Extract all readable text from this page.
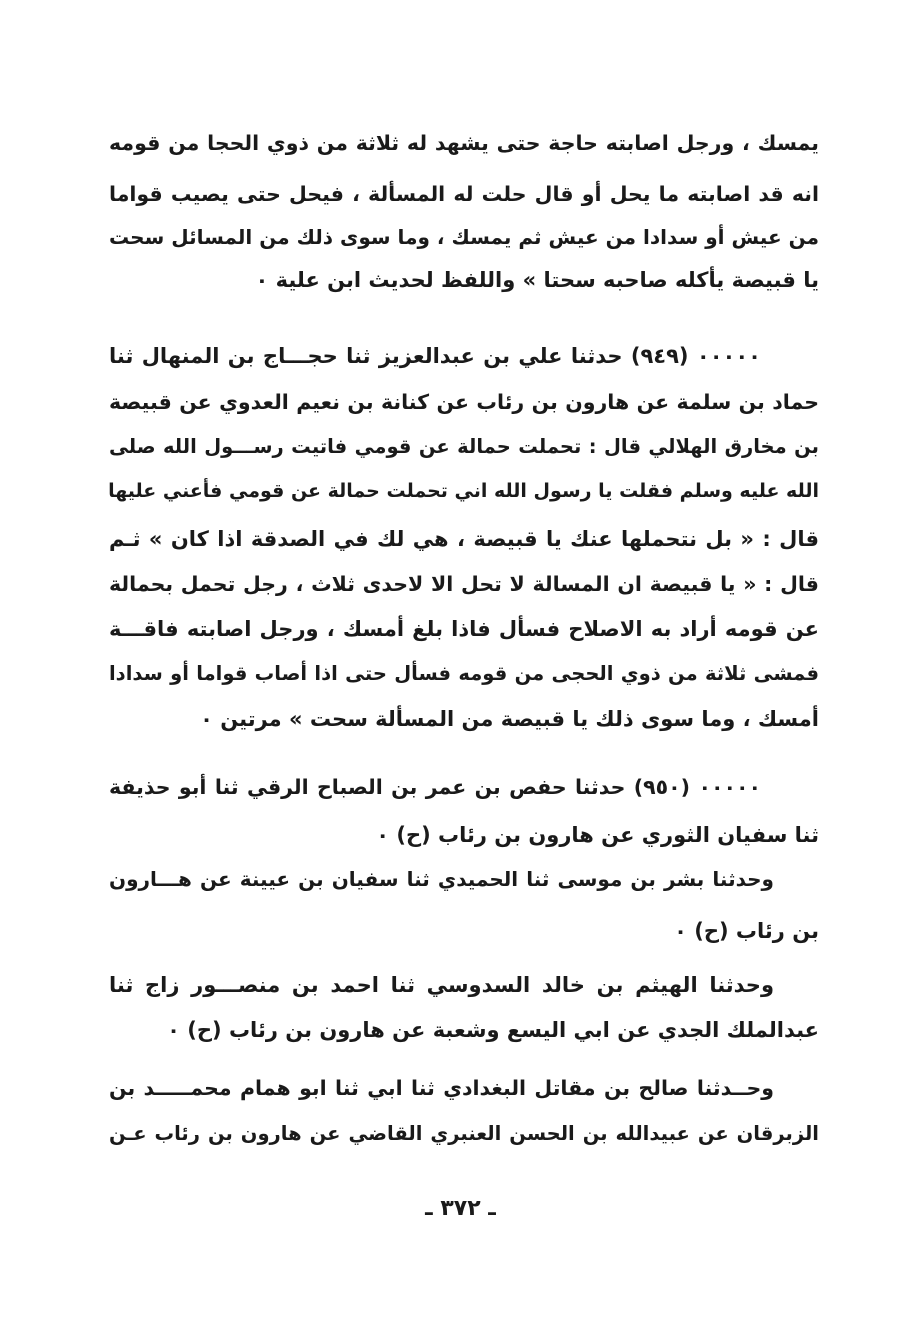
يمسك ، ورجل اصابته حاجة حتى يشهد له ثلاثة من ذوي الحجا من قومه
انه قد اصابته ما يحل أو قال حلت له المسألة ، فيحل حتى يصيب قواما
من عيش أو سدادا من عيش ثم يمسك ، وما سوى ذلك من المسائل سحت
يا قبيصة يأكله صاحبه سحتا » واللفظ لحديث ابن علية ٠
٠٠٠٠٠ (٩٤٩) حدثنا علي بن عبدالعزيز ثنا حجـــاج بن المنهال ثنا
حماد بن سلمة عن هارون بن رئاب عن كنانة بن نعيم العدوي عن قبيصة
بن مخارق الهلالي قال : تحملت حمالة عن قومي فاتيت رســـول الله صلى
الله عليه وسلم فقلت يا رسول الله اني تحملت حمالة عن قومي فأعني عليها
قال : « بل نتحملها عنك يا قبيصة ، هي لك في الصدقة اذا كان » ثـم
قال : « يا قبيصة ان المسالة لا تحل الا لاحدى ثلاث ، رجل تحمل بحمالة
عن قومه أراد به الاصلاح فسأل فاذا بلغ أمسك ، ورجل اصابته فاقـــة
فمشى ثلاثة من ذوي الحجى من قومه فسأل حتى اذا أصاب قواما أو سدادا
أمسك ، وما سوى ذلك يا قبيصة من المسألة سحت » مرتين ٠
٠٠٠٠٠ (٩٥٠) حدثنا حفص بن عمر بن الصباح الرقي ثنا أبو حذيفة
ثنا سفيان الثوري عن هارون بن رئاب (ح) ٠
وحدثنا بشر بن موسى ثنا الحميدي ثنا سفيان بن عيينة عن هـــارون
بن رئاب (ح) ٠
وحدثنا الهيثم بن خالد السدوسي ثنا احمد بن منصـــور زاج ثنا
عبدالملك الجدي عن ابي اليسع وشعبة عن هارون بن رئاب (ح) ٠
وحــدثنا صالح بن مقاتل البغدادي ثنا ابي ثنا ابو همام محمـــــد بن
الزبرقان عن عبيدالله بن الحسن العنبري القاضي عن هارون بن رئاب عـن
ـ ٣٧٢ ـ
